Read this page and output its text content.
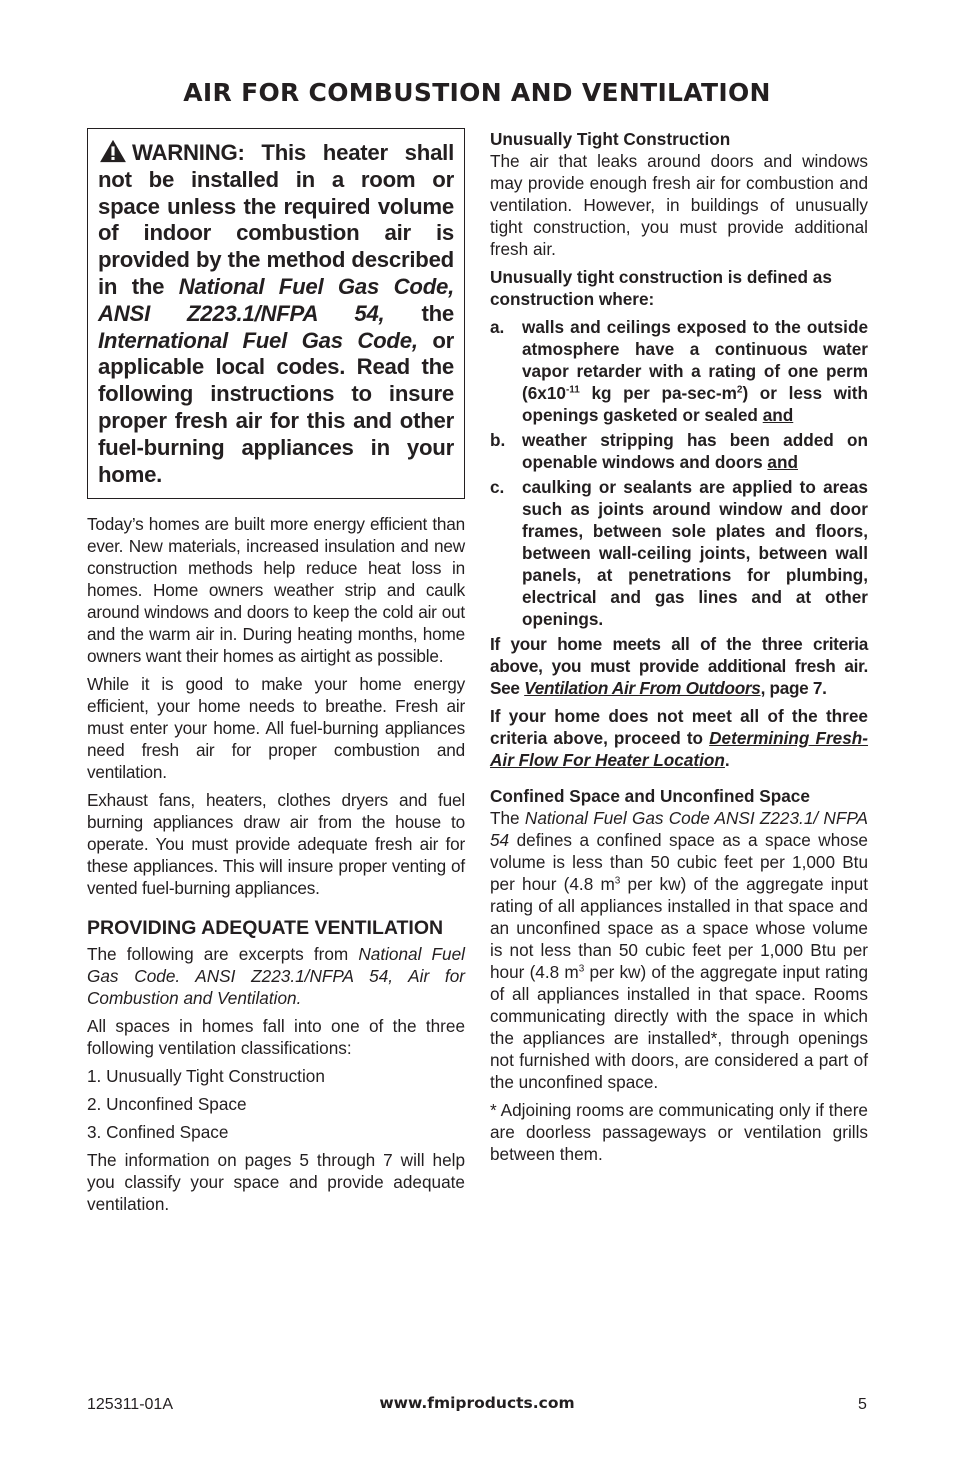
AIR FOR COMBUSTION AND VENTILATION

WARNING: This heater shall not be installed in a room or space unless the required volume of indoor combustion air is provided by the method described in the National Fuel Gas Code, ANSI Z223.1/NFPA 54, the International Fuel Gas Code, or applicable local codes. Read the following instructions to insure proper fresh air for this and other fuel-burning appliances in your home.

Today’s homes are built more energy efficient than ever. New materials, increased insulation and new construction methods help reduce heat loss in homes. Home owners weather strip and caulk around windows and doors to keep the cold air out and the warm air in. During heating months, home owners want their homes as airtight as possible.

While it is good to make your home energy efficient, your home needs to breathe. Fresh air must enter your home. All fuel-burning appliances need fresh air for proper combustion and ventilation.

Exhaust fans, heaters, clothes dryers and fuel burning appliances draw air from the house to operate. You must provide adequate fresh air for these appliances. This will insure proper venting of vented fuel-burning appliances.

PROVIDING ADEQUATE VENTILATION

The following are excerpts from National Fuel Gas Code. ANSI Z223.1/NFPA 54, Air for Combustion and Ventilation.

All spaces in homes fall into one of the three following ventilation classifications:

1. Unusually Tight Construction
2. Unconfined Space
3. Confined Space

The information on pages 5 through 7 will help you classify your space and provide adequate ventilation.

Unusually Tight Construction

The air that leaks around doors and windows may provide enough fresh air for combustion and ventilation. However, in buildings of unusually tight construction, you must provide additional fresh air.

Unusually tight construction is defined as construction where:

a.	walls and ceilings exposed to the outside atmosphere have a continuous water vapor retarder with a rating of one perm ($6x10^{-11}$ kg per $pa-\sec-m^2$) or less with openings gasketed or sealed and
b. weather stripping has been added on openable windows and doors and
c.	caulking or sealants are applied to areas such as joints around window and door frames, between sole plates and floors, between wall-ceiling joints, between wall panels, at penetrations for plumbing, electrical and gas lines and at other openings.

If your home meets all of the three criteria above, you must provide additional fresh air. See Ventilation Air From Outdoors, page 7.

If your home does not meet all of the three criteria above, proceed to Determining Fresh-Air Flow For Heater Location.

Confined Space and Unconfined Space

The National Fuel Gas Code ANSI Z223.1/ NFPA 54 defines a confined space as a space whose volume is less than 50 cubic feet per 1,000 Btu per hour (4.8 $m^3$ per kw) of the aggregate input rating of all appliances installed in that space and an unconfined space as a space whose volume is not less than 50 cubic feet per 1,000 Btu per hour (4.8 $m^3$ per kw) of the aggregate input rating of all appliances installed in that space. Rooms communicating directly with the space in which the appliances are installed*, through openings not furnished with doors, are considered a part of the unconfined space.

* Adjoining rooms are communicating only if there are doorless passageways or ventilation grills between them.

125311-01A	www.fmiproducts.com	5
